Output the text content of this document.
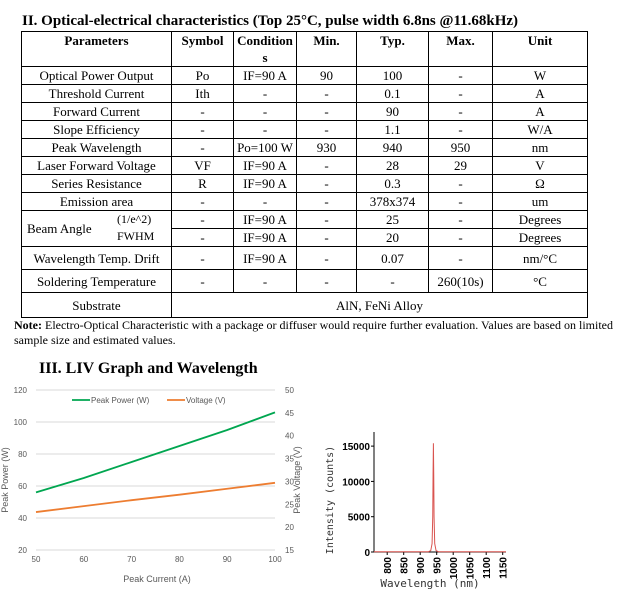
II. Optical-electrical characteristics (Top 25°C, pulse width 6.8ns @11.68kHz)
Parameters	Symbol	Condition s	Min.	Typ.	Max.	Unit
Optical Power Output	Po	IF=90 A	90	100	-	W
Threshold Current	Ith	-	-	0.1	-	A
Forward Current	-	-	-	90	-	A
Slope Efficiency	-	-	-	1.1	-	W/A
Peak Wavelength	-	Po=100 W	930	940	950	nm
Laser Forward Voltage	VF	IF=90 A	-	28	29	V
Series Resistance	R	IF=90 A	-	0.3	-	Ω
Emission area	-	-	-	378x374	-	um

Beam Angle
(1/e^2)
FWHM	-	IF=90 A	-	25	-	Degrees
	-	IF=90 A	-	20	-	Degrees
Wavelength Temp. Drift	-	IF=90 A	-	0.07	-	nm/°C
Soldering Temperature	-	-	-	-	260(10s)	°C
Substrate	AlN, FeNi Alloy					
Note: Electro-Optical Characteristic with a package or diffuser would require further evaluation. Values are based on limited sample size and estimated values.
III. LIV Graph and Wavelength
20
40
60
80
100
120
50	60	70	80	90	100
15
20
25
30
35
40
45
50
Peak Power (W)	Voltage (V)
Peak Current (A)
Peak Power (W)	Peak Voltage (V)
0
5000
10000
15000
800 850 900 950 1000 1050 1100 1150
Wavelength (nm)
Intensity (counts)
